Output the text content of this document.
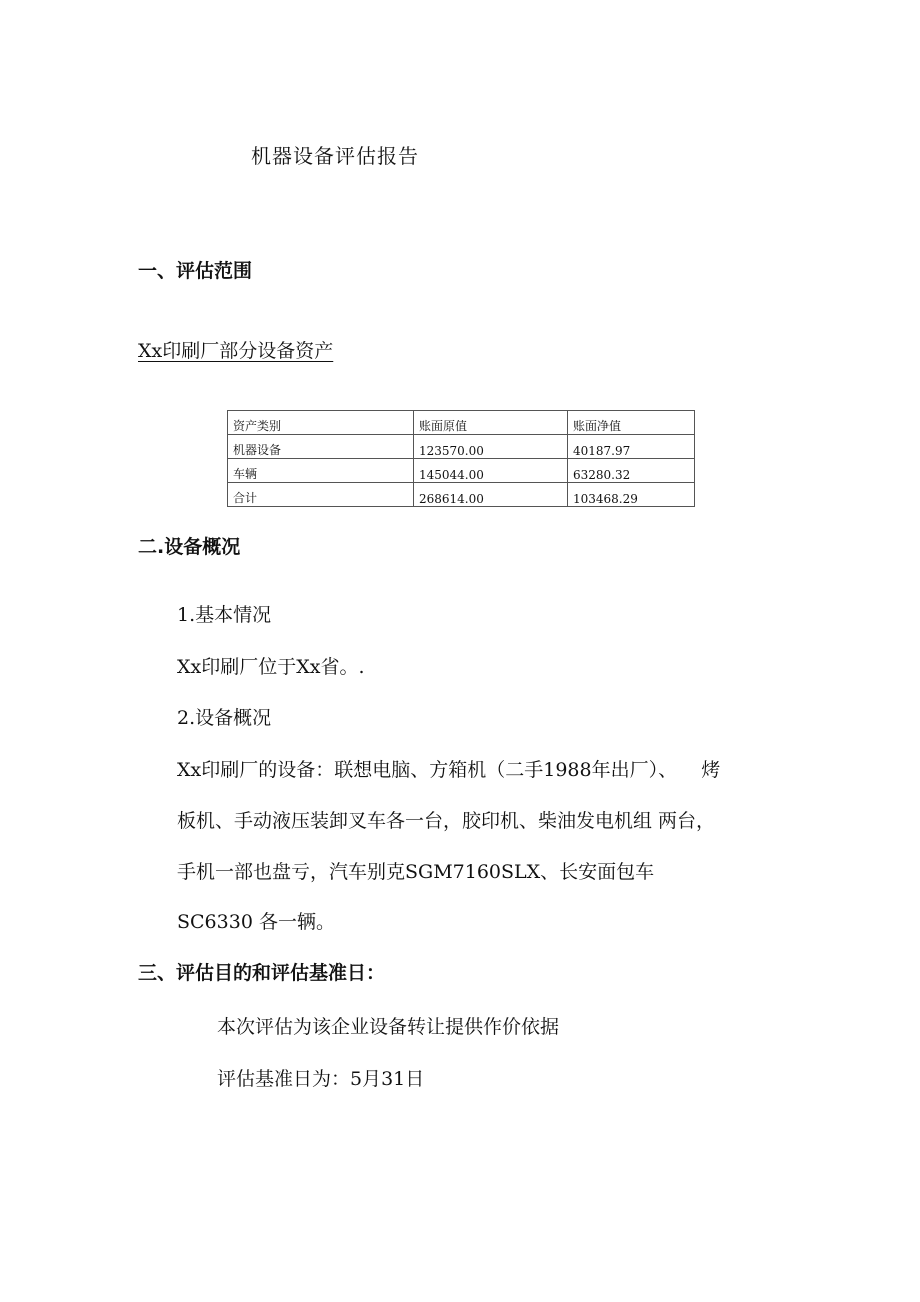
机器设备评估报告
一、评估范围
Xx印刷厂部分设备资产
资产类别	账面原值	账面净值
机器设备	123570.00	40187.97
车辆	145044.00	63280.32
合计	268614.00	103468.29
二.设备概况
1.基本情况
Xx印刷厂位于Xx省。.
2.设备概况
Xx印刷厂的设备：联想电脑、方箱机（二手1988年出厂）、    烤
板机、手动液压装卸叉车各一台，胶印机、柴油发电机组 两台，
手机一部也盘亏，汽车别克SGM7160SLX、长安面包车
SC6330 各一辆。
三、评估目的和评估基准日：
本次评估为该企业设备转让提供作价依据
评估基准日为：5月31日
